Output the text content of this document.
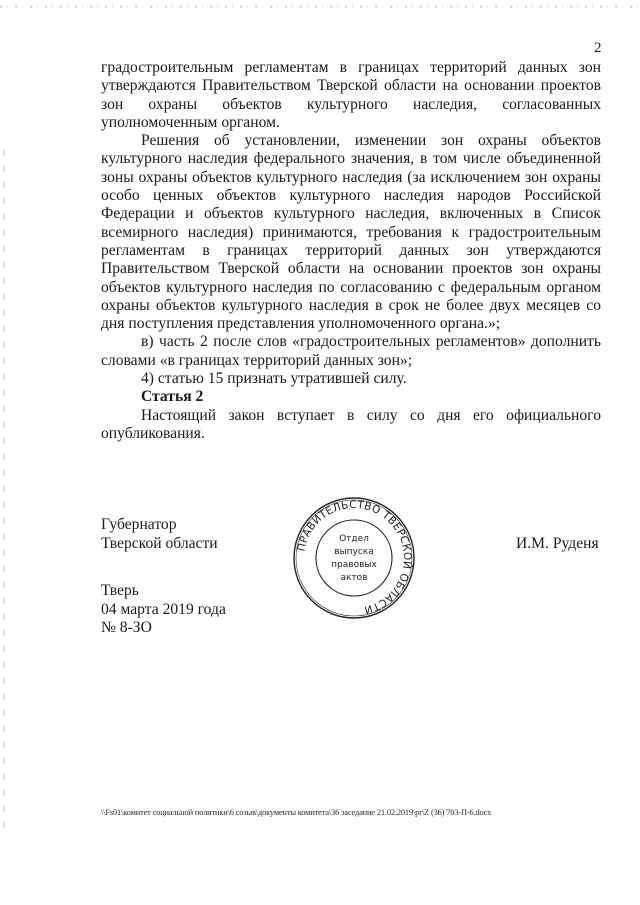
2

градостроительным регламентам в границах территорий данных зон утверждаются Правительством Тверской области на основании проектов зон охраны объектов культурного наследия, согласованных уполномоченным органом.

Решения об установлении, изменении зон охраны объектов культурного наследия федерального значения, в том числе объединенной зоны охраны объектов культурного наследия (за исключением зон охраны особо ценных объектов культурного наследия народов Российской Федерации и объектов культурного наследия, включенных в Список всемирного наследия) принимаются, требования к градостроительным регламентам в границах территорий данных зон утверждаются Правительством Тверской области на основании проектов зон охраны объектов культурного наследия по согласованию с федеральным органом охраны объектов культурного наследия в срок не более двух месяцев со дня поступления представления уполномоченного органа.»;

в) часть 2 после слов «градостроительных регламентов» дополнить словами «в границах территорий данных зон»;

4) статью 15 признать утратившей силу.

Статья 2

Настоящий закон вступает в силу со дня его официального опубликования.

Губернатор
Тверской области	И.М. Руденя
Тверь
04 марта 2019 года
№ 8-ЗО
ПРАВИТЕЛЬСТВО ТВЕРСКОЙ ОБЛАСТИ
Отдел
выпуска
правовых
актов
\\Fs01\комитет социальной политики\6 созыв\документы комитета\36 заседание 21.02.2019\pr\Z (36) 703-П-6.docx
